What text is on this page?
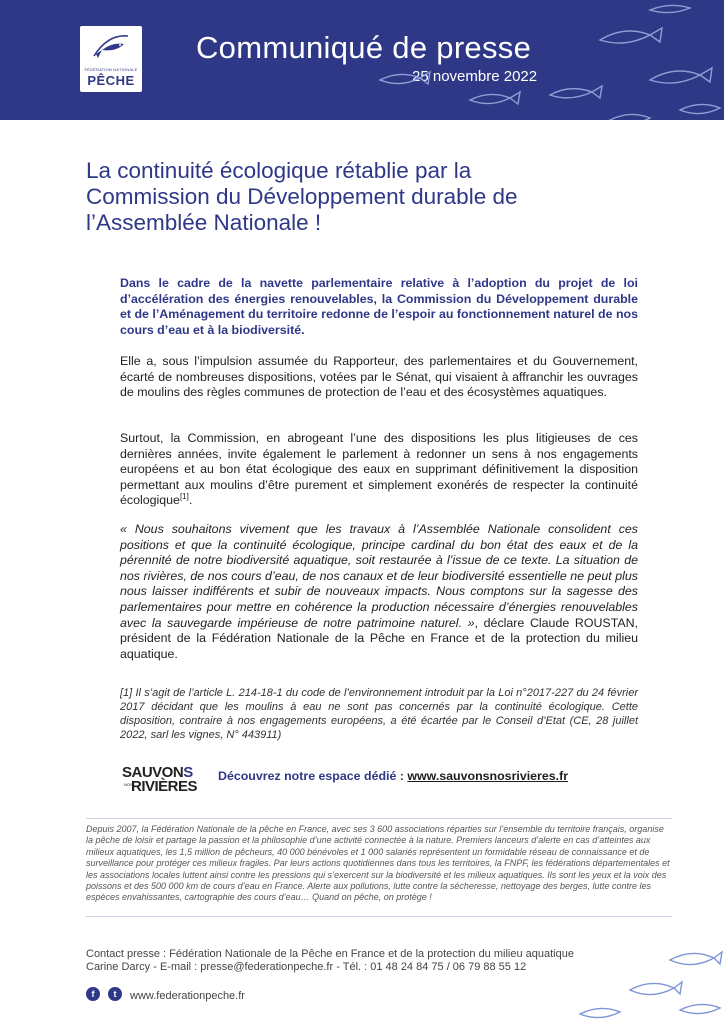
FÉDÉRATION NATIONALE
PÊCHE
Communiqué de presse
25 novembre 2022
La continuité écologique rétablie par la
Commission du Développement durable de
l’Assemblée Nationale !
Dans le cadre de la navette parlementaire relative à l’adoption du projet de loi d’accélération des énergies renouvelables, la Commission du Développement durable et de l’Aménagement du territoire redonne de l’espoir au fonctionnement naturel de nos cours d’eau et à la biodiversité.
Elle a, sous l’impulsion assumée du Rapporteur, des parlementaires et du Gouvernement, écarté de nombreuses dispositions, votées par le Sénat, qui visaient à affranchir les ouvrages de moulins des règles communes de protection de l’eau et des écosystèmes aquatiques.
Surtout, la Commission, en abrogeant l’une des dispositions les plus litigieuses de ces dernières années, invite également le parlement à redonner un sens à nos engagements européens et au bon état écologique des eaux en supprimant définitivement la disposition permettant aux moulins d’être purement et simplement exonérés de respecter la continuité écologique[1].
« Nous souhaitons vivement que les travaux à l’Assemblée Nationale consolident ces positions et que la continuité écologique, principe cardinal du bon état des eaux et de la pérennité de notre biodiversité aquatique, soit restaurée à l’issue de ce texte. La situation de nos rivières, de nos cours d’eau, de nos canaux et de leur biodiversité essentielle ne peut plus nous laisser indifférents et subir de nouveaux impacts. Nous comptons sur la sagesse des parlementaires pour mettre en cohérence la production nécessaire d’énergies renouvelables avec la sauvegarde impérieuse de notre patrimoine naturel. », déclare Claude ROUSTAN, président de la Fédération Nationale de la Pêche en France et de la protection du milieu aquatique.
[1] Il s’agit de l’article L. 214-18-1 du code de l’environnement introduit par la Loi n°2017-227 du 24 février 2017 décidant que les moulins à eau ne sont pas concernés par la continuité écologique. Cette disposition, contraire à nos engagements européens, a été écartée par le Conseil d’Etat (CE, 28 juillet 2022, sarl les vignes, N° 443911)
SAUVONS
NOS
RIVIÈRES
Découvrez notre espace dédié : www.sauvonsnosrivieres.fr
Depuis 2007, la Fédération Nationale de la pêche en France, avec ses 3 600 associations réparties sur l’ensemble du territoire français, organise la pêche de loisir et partage la passion et la philosophie d’une activité connectée à la nature. Premiers lanceurs d’alerte en cas d’atteintes aux milieux aquatiques, les 1,5 million de pêcheurs, 40 000 bénévoles et 1 000 salariés représentent un formidable réseau de connaissance et de surveillance pour protéger ces milieux fragiles. Par leurs actions quotidiennes dans tous les territoires, la FNPF, les fédérations départementales et les associations locales luttent ainsi contre les pressions qui s’exercent sur la biodiversité et les milieux aquatiques. Ils sont les yeux et la voix des poissons et des 500 000 km de cours d’eau en France. Alerte aux pollutions, lutte contre la sécheresse, nettoyage des berges, lutte contre les espèces envahissantes, cartographie des cours d’eau… Quand on pêche, on protège !
Contact presse : Fédération Nationale de la Pêche en France et de la protection du milieu aquatique
Carine Darcy - E-mail : presse@federationpeche.fr - Tél. : 01 48 24 84 75 / 06 79 88 55 12
f	t	www.federationpeche.fr
